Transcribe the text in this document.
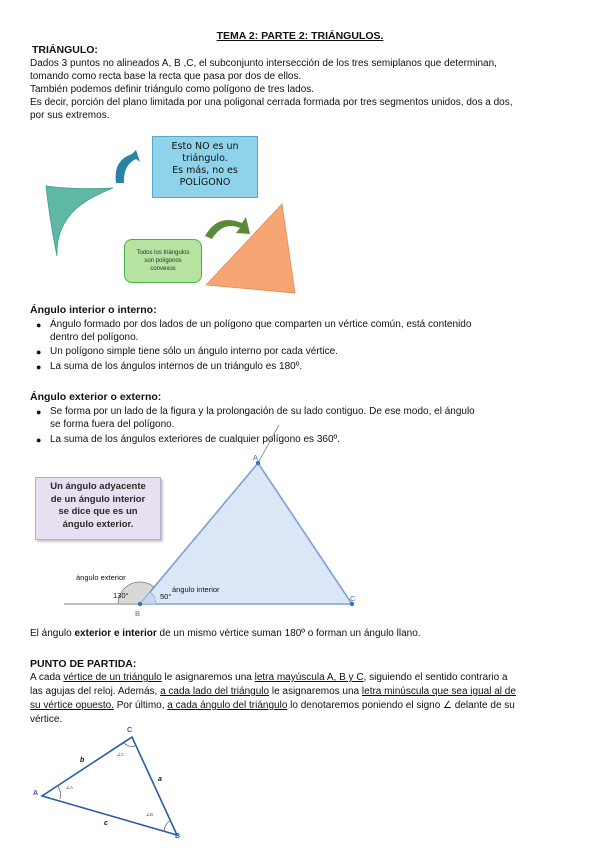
TEMA 2: PARTE 2: TRIÁNGULOS.
TRIÁNGULO:
Dados 3 puntos no alineados A, B ,C, el subconjunto intersección de los tres semiplanos que determinan,
tomando como recta base la recta que pasa por dos de ellos.
También podemos definir triángulo como polígono de tres lados.
Es decir, porción del plano limitada por una poligonal cerrada formada por tres segmentos unidos, dos a dos,
por sus extremos.
Esto NO es un
triángulo.
Es más, no es
POLÍGONO
Todos los triángulos
son polígonos
convexos
Ángulo interior o interno:
● Ángulo formado por dos lados de un polígono que comparten un vértice común, está contenido
dentro del polígono.
● Un polígono simple tiene sólo un ángulo interno por cada vértice.
● La suma de los ángulos internos de un triángulo es 180º.
Ángulo exterior o externo:
● Se forma por un lado de la figura y la prolongación de su lado contiguo. De ese modo, el ángulo
se forma fuera del polígono.
● La suma de los ángulos exteriores de cualquier polígono es 360º.
Un ángulo adyacente
de un ángulo interior
se dice que es un
ángulo exterior.
ángulo exterior
ángulo interior
130°	50°
A
B
C
El ángulo exterior e interior de un mismo vértice suman 180º o forman un ángulo llano.
PUNTO DE PARTIDA:
A cada vértice de un triángulo le asignaremos una letra mayúscula A, B y C, siguiendo el sentido contrario a
las agujas del reloj. Además, a cada lado del triángulo le asignaremos una letra minúscula que sea igual al de
su vértice opuesto. Por último, a cada ángulo del triángulo lo denotaremos poniendo el signo ∠ delante de su
vértice.
A
C
B
b
a
c
∠A
∠C
∠B
